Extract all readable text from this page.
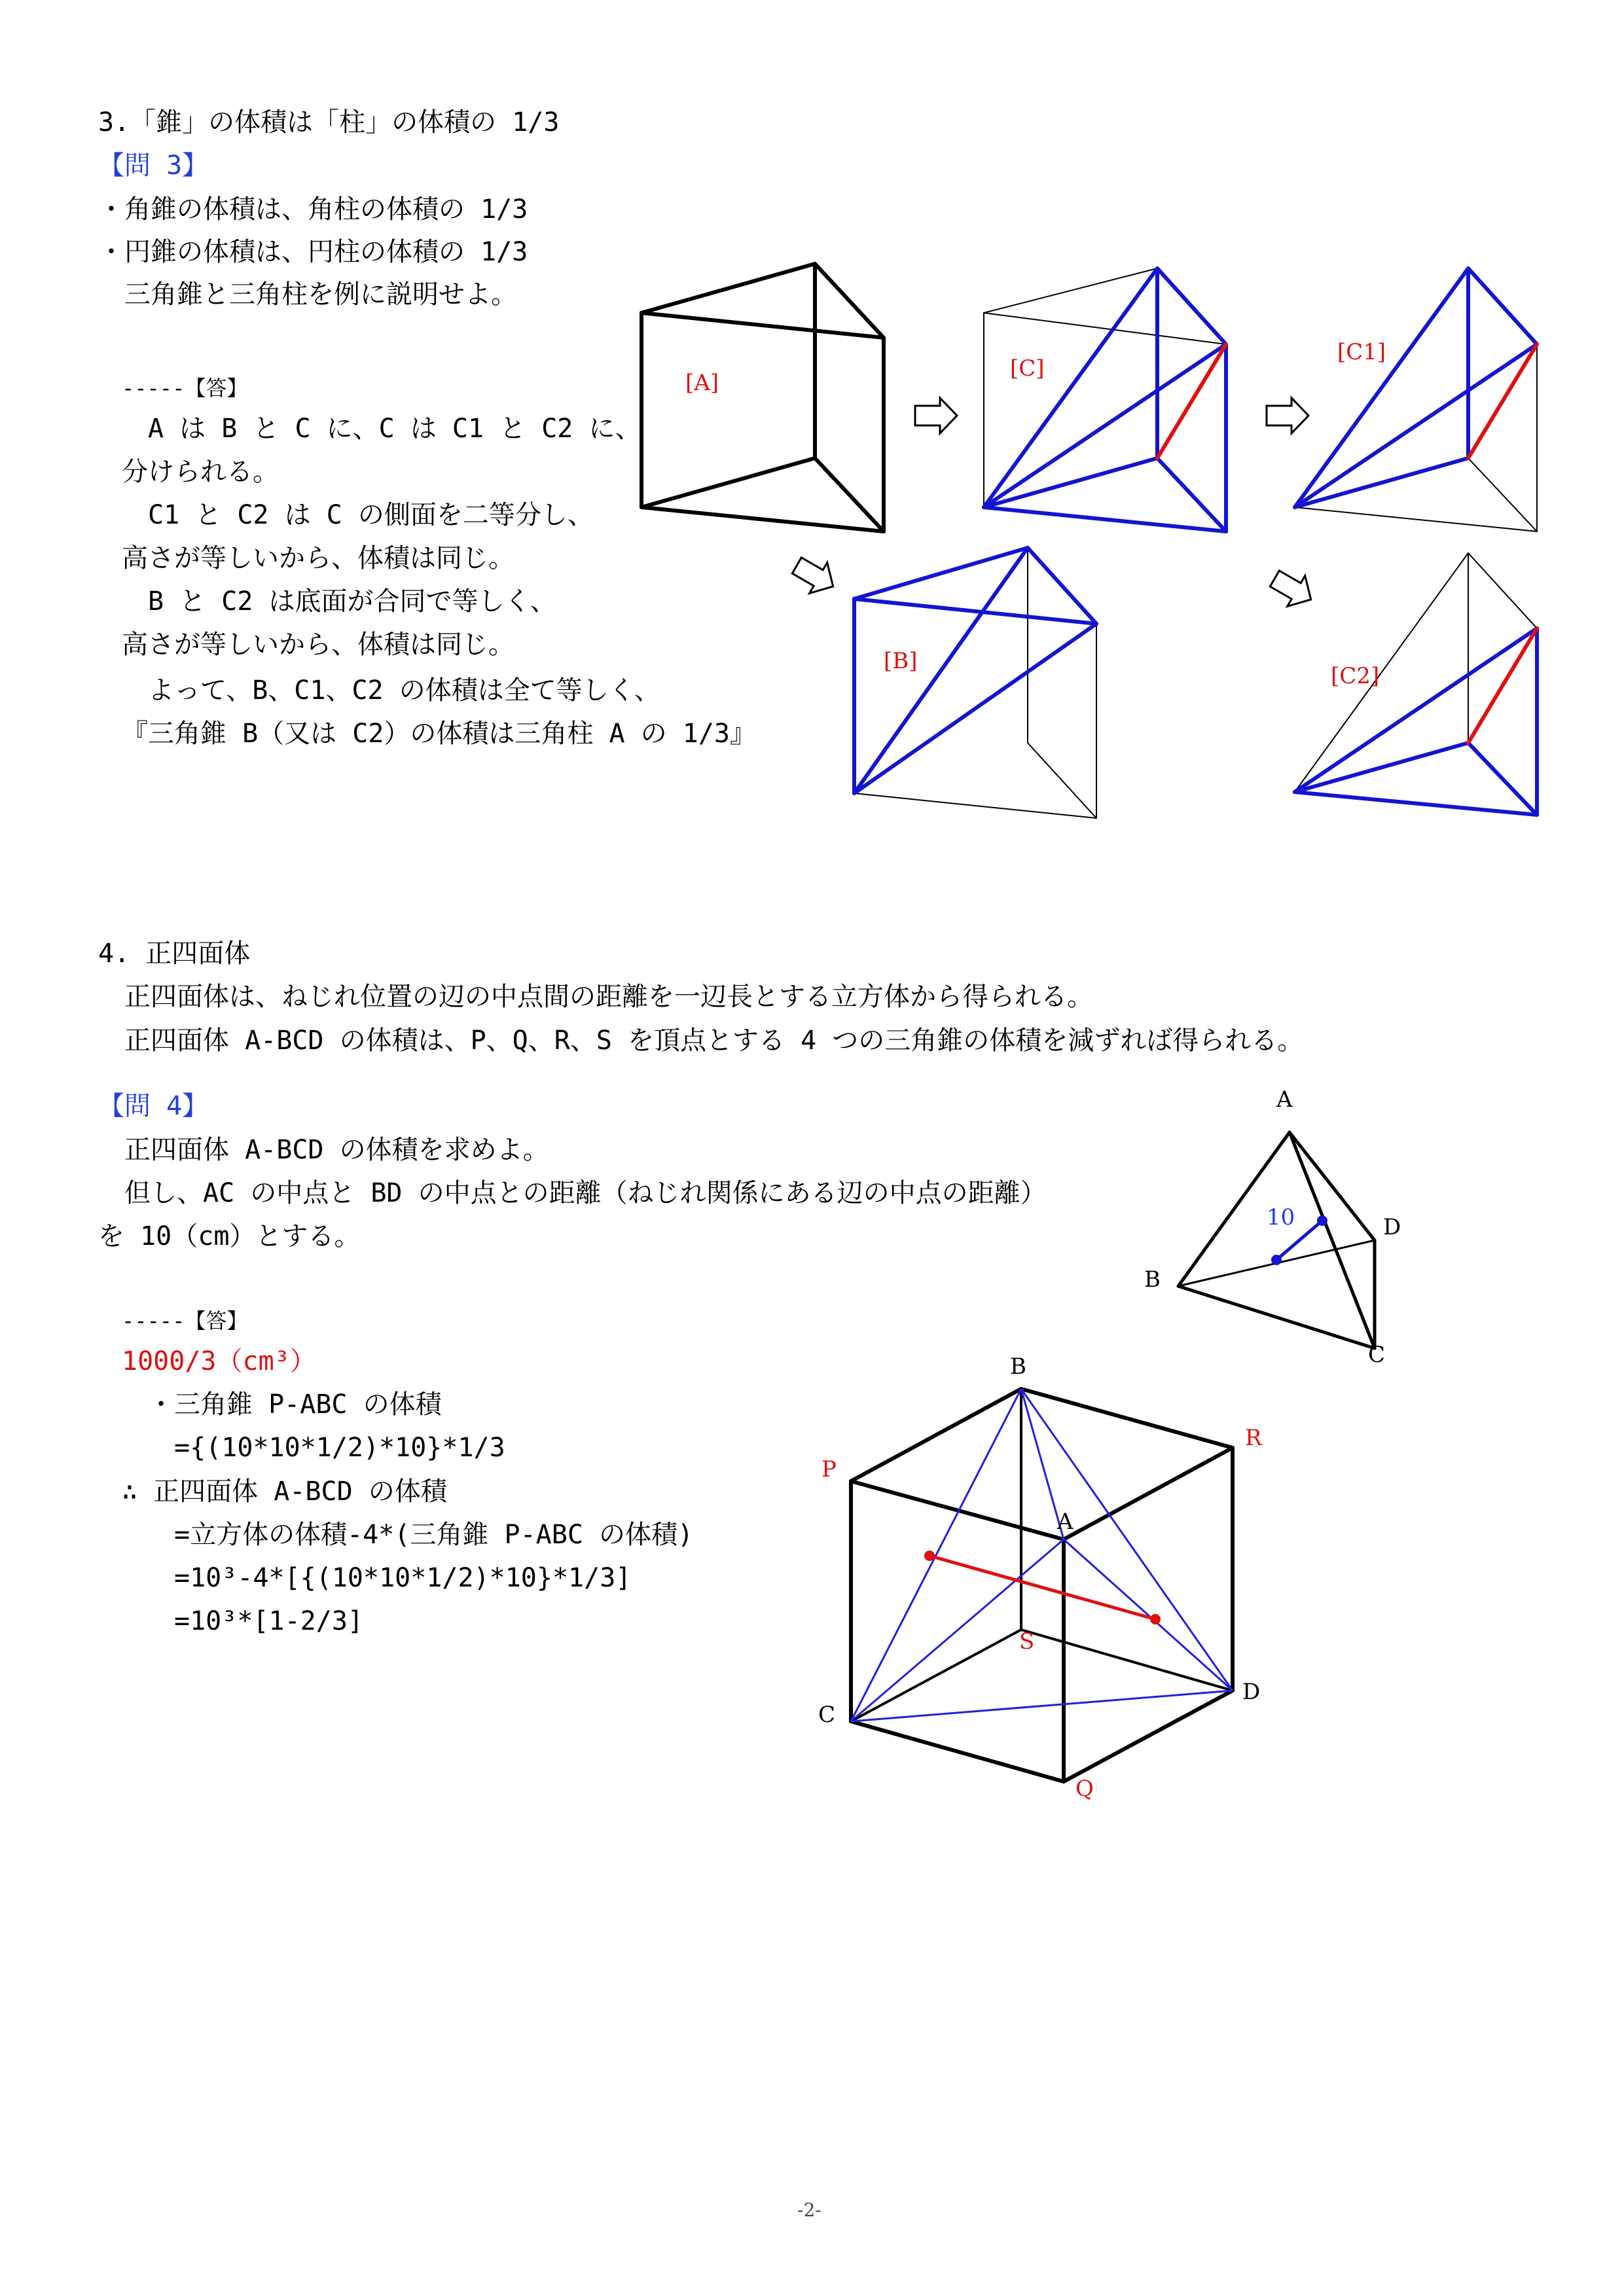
3.「錐」の体積は「柱」の体積の 1/3
【問 3】
・角錐の体積は、角柱の体積の 1/3
・円錐の体積は、円柱の体積の 1/3
　三角錐と三角柱を例に説明せよ。
-----【答】
　A は B と C に、C は C1 と C2 に、
分けられる。
　C1 と C2 は C の側面を二等分し、
高さが等しいから、体積は同じ。
　B と C2 は底面が合同で等しく、
高さが等しいから、体積は同じ。
　よって、B、C1、C2 の体積は全て等しく、
『三角錐 B（又は C2）の体積は三角柱 A の 1/3』
[A]
[C]
[C1]
[B]
[C2]
4. 正四面体
　正四面体は、ねじれ位置の辺の中点間の距離を一辺長とする立方体から得られる。
　正四面体 A-BCD の体積は、P、Q、R、S を頂点とする 4 つの三角錐の体積を減ずれば得られる。
【問 4】
　正四面体 A-BCD の体積を求めよ。
　但し、AC の中点と BD の中点との距離（ねじれ関係にある辺の中点の距離）
を 10（cm）とする。
-----【答】
1000/3（cm³）
　・三角錐 P-ABC の体積
　　={(10*10*1/2)*10}*1/3
∴ 正四面体 A-BCD の体積
　　=立方体の体積-4*(三角錐 P-ABC の体積)
　　=10³-4*[{(10*10*1/2)*10}*1/3]
　　=10³*[1-2/3]
A
D
B
C
10
B
R
P
A
S
D
C
Q
-2-
